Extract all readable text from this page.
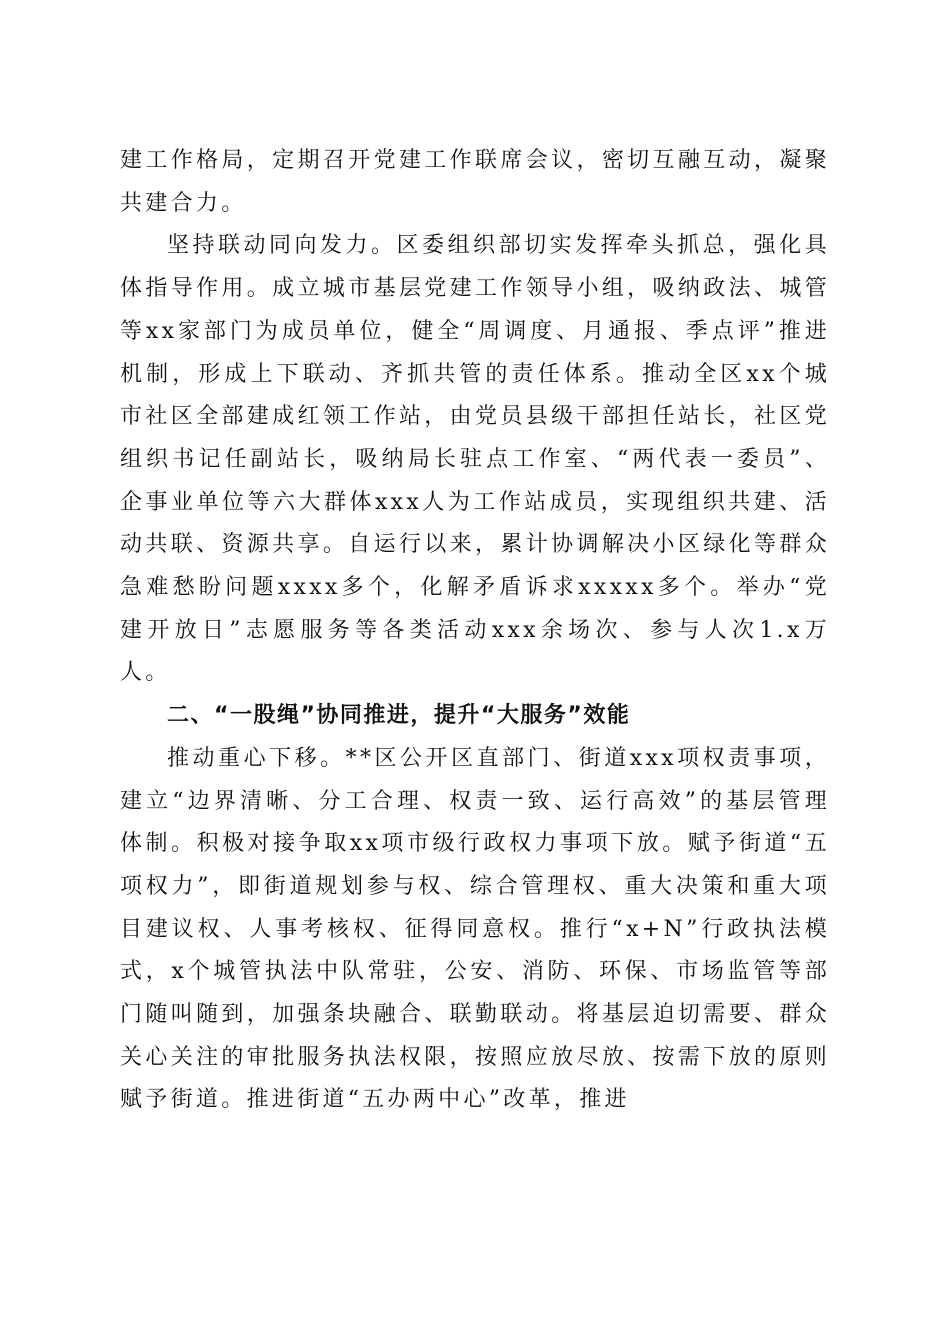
建工作格局，定期召开党建工作联席会议，密切互融互动，凝聚共建合力。

坚持联动同向发力。区委组织部切实发挥牵头抓总，强化具体指导作用。成立城市基层党建工作领导小组，吸纳政法、城管等xx家部门为成员单位，健全“周调度、月通报、季点评”推进机制，形成上下联动、齐抓共管的责任体系。推动全区xx个城市社区全部建成红领工作站，由党员县级干部担任站长，社区党组织书记任副站长，吸纳局长驻点工作室、“两代表一委员”、企事业单位等六大群体xxx人为工作站成员，实现组织共建、活动共联、资源共享。自运行以来，累计协调解决小区绿化等群众急难愁盼问题xxxx多个，化解矛盾诉求xxxxx多个。举办“党建开放日”志愿服务等各类活动xxx余场次、参与人次1.x万人。

二、“一股绳”协同推进，提升“大服务”效能

推动重心下移。**区公开区直部门、街道xxx项权责事项，建立“边界清晰、分工合理、权责一致、运行高效”的基层管理体制。积极对接争取xx项市级行政权力事项下放。赋予街道“五项权力”，即街道规划参与权、综合管理权、重大决策和重大项目建议权、人事考核权、征得同意权。推行“x+N”行政执法模式，x个城管执法中队常驻，公安、消防、环保、市场监管等部门随叫随到，加强条块融合、联勤联动。将基层迫切需要、群众关心关注的审批服务执法权限，按照应放尽放、按需下放的原则赋予街道。推进街道“五办两中心”改革，推进
